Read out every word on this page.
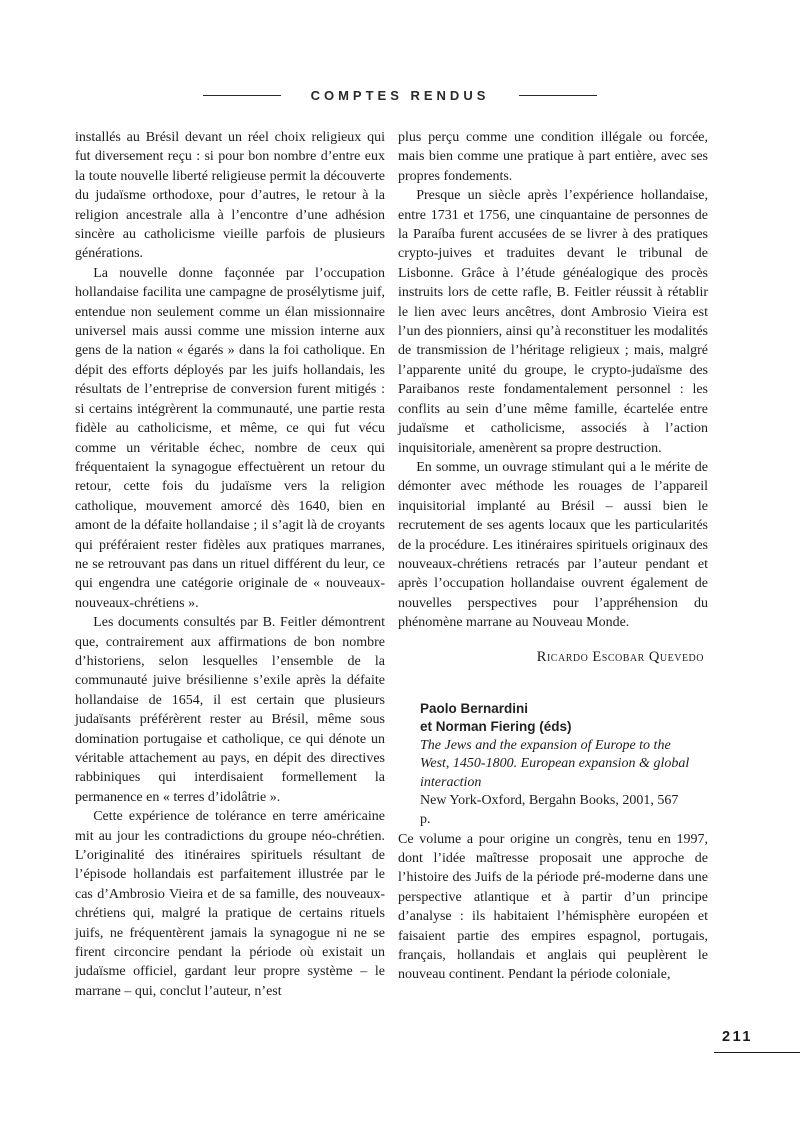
COMPTES RENDUS

installés au Brésil devant un réel choix religieux qui fut diversement reçu : si pour bon nombre d’entre eux la toute nouvelle liberté religieuse permit la découverte du judaïsme orthodoxe, pour d’autres, le retour à la religion ancestrale alla à l’encontre d’une adhésion sincère au catholicisme vieille parfois de plusieurs générations.

La nouvelle donne façonnée par l’occupation hollandaise facilita une campagne de prosélytisme juif, entendue non seulement comme un élan missionnaire universel mais aussi comme une mission interne aux gens de la nation « égarés » dans la foi catholique. En dépit des efforts déployés par les juifs hollandais, les résultats de l’entreprise de conversion furent mitigés : si certains intégrèrent la communauté, une partie resta fidèle au catholicisme, et même, ce qui fut vécu comme un véritable échec, nombre de ceux qui fréquentaient la synagogue effectuèrent un retour du retour, cette fois du judaïsme vers la religion catholique, mouvement amorcé dès 1640, bien en amont de la défaite hollandaise ; il s’agit là de croyants qui préféraient rester fidèles aux pratiques marranes, ne se retrouvant pas dans un rituel différent du leur, ce qui engendra une catégorie originale de « nouveaux-nouveaux-chrétiens ».

Les documents consultés par B. Feitler démontrent que, contrairement aux affirmations de bon nombre d’historiens, selon lesquelles l’ensemble de la communauté juive brésilienne s’exile après la défaite hollandaise de 1654, il est certain que plusieurs judaïsants préférèrent rester au Brésil, même sous domination portugaise et catholique, ce qui dénote un véritable attachement au pays, en dépit des directives rabbiniques qui interdisaient formellement la permanence en « terres d’idolâtrie ».

Cette expérience de tolérance en terre américaine mit au jour les contradictions du groupe néo-chrétien. L’originalité des itinéraires spirituels résultant de l’épisode hollandais est parfaitement illustrée par le cas d’Ambrosio Vieira et de sa famille, des nouveaux-chrétiens qui, malgré la pratique de certains rituels juifs, ne fréquentèrent jamais la synagogue ni ne se firent circoncire pendant la période où existait un judaïsme officiel, gardant leur propre système – le marrane – qui, conclut l’auteur, n’est

plus perçu comme une condition illégale ou forcée, mais bien comme une pratique à part entière, avec ses propres fondements.

Presque un siècle après l’expérience hollandaise, entre 1731 et 1756, une cinquantaine de personnes de la Paraíba furent accusées de se livrer à des pratiques crypto-juives et traduites devant le tribunal de Lisbonne. Grâce à l’étude généalogique des procès instruits lors de cette rafle, B. Feitler réussit à rétablir le lien avec leurs ancêtres, dont Ambrosio Vieira est l’un des pionniers, ainsi qu’à reconstituer les modalités de transmission de l’héritage religieux ; mais, malgré l’apparente unité du groupe, le crypto-judaïsme des Paraibanos reste fondamentalement personnel : les conflits au sein d’une même famille, écartelée entre judaïsme et catholicisme, associés à l’action inquisitoriale, amenèrent sa propre destruction.

En somme, un ouvrage stimulant qui a le mérite de démonter avec méthode les rouages de l’appareil inquisitorial implanté au Brésil – aussi bien le recrutement de ses agents locaux que les particularités de la procédure. Les itinéraires spirituels originaux des nouveaux-chrétiens retracés par l’auteur pendant et après l’occupation hollandaise ouvrent également de nouvelles perspectives pour l’appréhension du phénomène marrane au Nouveau Monde.

Ricardo Escobar Quevedo
Paolo Bernardini
et Norman Fiering (éds)
The Jews and the expansion of Europe to the West, 1450-1800. European expansion & global interaction
New York-Oxford, Bergahn Books, 2001, 567 p.

Ce volume a pour origine un congrès, tenu en 1997, dont l’idée maîtresse proposait une approche de l’histoire des Juifs de la période pré-moderne dans une perspective atlantique et à partir d’un principe d’analyse : ils habitaient l’hémisphère européen et faisaient partie des empires espagnol, portugais, français, hollandais et anglais qui peuplèrent le nouveau continent. Pendant la période coloniale,

211
